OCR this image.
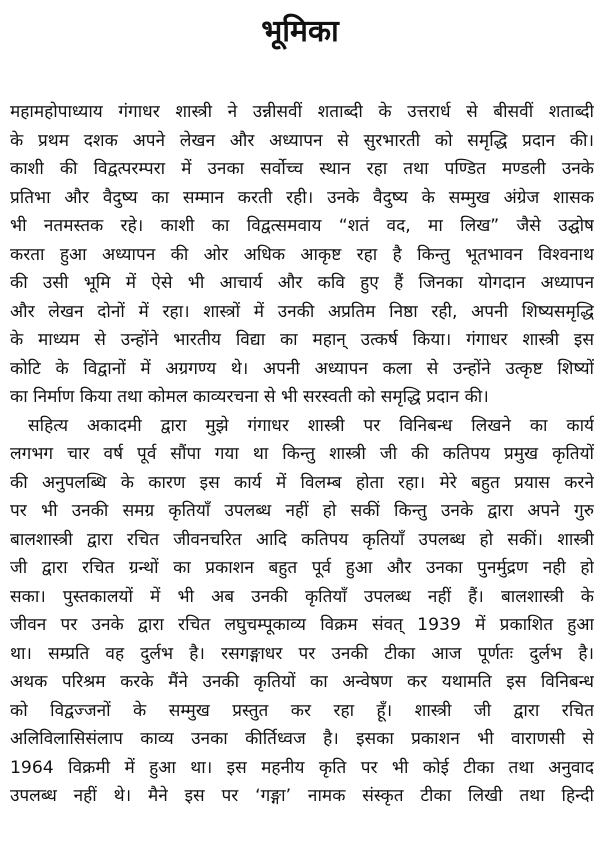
भूमिका
महामहोपाध्याय गंगाधर शास्त्री ने उन्नीसवीं शताब्दी के उत्तरार्ध से बीसवीं शताब्दी
के प्रथम दशक अपने लेखन और अध्यापन से सुरभारती को समृद्धि प्रदान की।
काशी की विद्वत्परम्परा में उनका सर्वोच्च स्थान रहा तथा पण्डित मण्डली उनके
प्रतिभा और वैदुष्य का सम्मान करती रही। उनके वैदुष्य के सम्मुख अंग्रेज शासक
भी नतमस्तक रहे। काशी का विद्वत्समवाय “शतं वद, मा लिख” जैसे उद्घोष
करता हुआ अध्यापन की ओर अधिक आकृष्ट रहा है किन्तु भूतभावन विश्वनाथ
की उसी भूमि में ऐसे भी आचार्य और कवि हुए हैं जिनका योगदान अध्यापन
और लेखन दोनों में रहा। शास्त्रों में उनकी अप्रतिम निष्ठा रही, अपनी शिष्यसमृद्धि
के माध्यम से उन्होंने भारतीय विद्या का महान् उत्कर्ष किया। गंगाधर शास्त्री इस
कोटि के विद्वानों में अग्रगण्य थे। अपनी अध्यापन कला से उन्होंने उत्कृष्ट शिष्यों
का निर्माण किया तथा कोमल काव्यरचना से भी सरस्वती को समृद्धि प्रदान की।
सहित्य अकादमी द्वारा मुझे गंगाधर शास्त्री पर विनिबन्ध लिखने का कार्य
लगभग चार वर्ष पूर्व सौंपा गया था किन्तु शास्त्री जी की कतिपय प्रमुख कृतियों
की अनुपलब्धि के कारण इस कार्य में विलम्ब होता रहा। मेरे बहुत प्रयास करने
पर भी उनकी समग्र कृतियाँ उपलब्ध नहीं हो सकीं किन्तु उनके द्वारा अपने गुरु
बालशास्त्री द्वारा रचित जीवनचरित आदि कतिपय कृतियाँ उपलब्ध हो सकीं। शास्त्री
जी द्वारा रचित ग्रन्थों का प्रकाशन बहुत पूर्व हुआ और उनका पुनर्मुद्रण नही हो
सका। पुस्तकालयों में भी अब उनकी कृतियाँ उपलब्ध नहीं हैं। बालशास्त्री के
जीवन पर उनके द्वारा रचित लघुचम्पूकाव्य विक्रम संवत् 1939 में प्रकाशित हुआ
था। सम्प्रति वह दुर्लभ है। रसगङ्गाधर पर उनकी टीका आज पूर्णतः दुर्लभ है।
अथक परिश्रम करके मैंने उनकी कृतियों का अन्वेषण कर यथामति इस विनिबन्ध
को विद्वज्जनों के सम्मुख प्रस्तुत कर रहा हूँ। शास्त्री जी द्वारा रचित
अलिविलासिसंलाप काव्य उनका कीर्तिध्वज है। इसका प्रकाशन भी वाराणसी से
1964 विक्रमी में हुआ था। इस महनीय कृति पर भी कोई टीका तथा अनुवाद
उपलब्ध नहीं थे। मैने इस पर ‘गङ्गा’ नामक संस्कृत टीका लिखी तथा हिन्दी
